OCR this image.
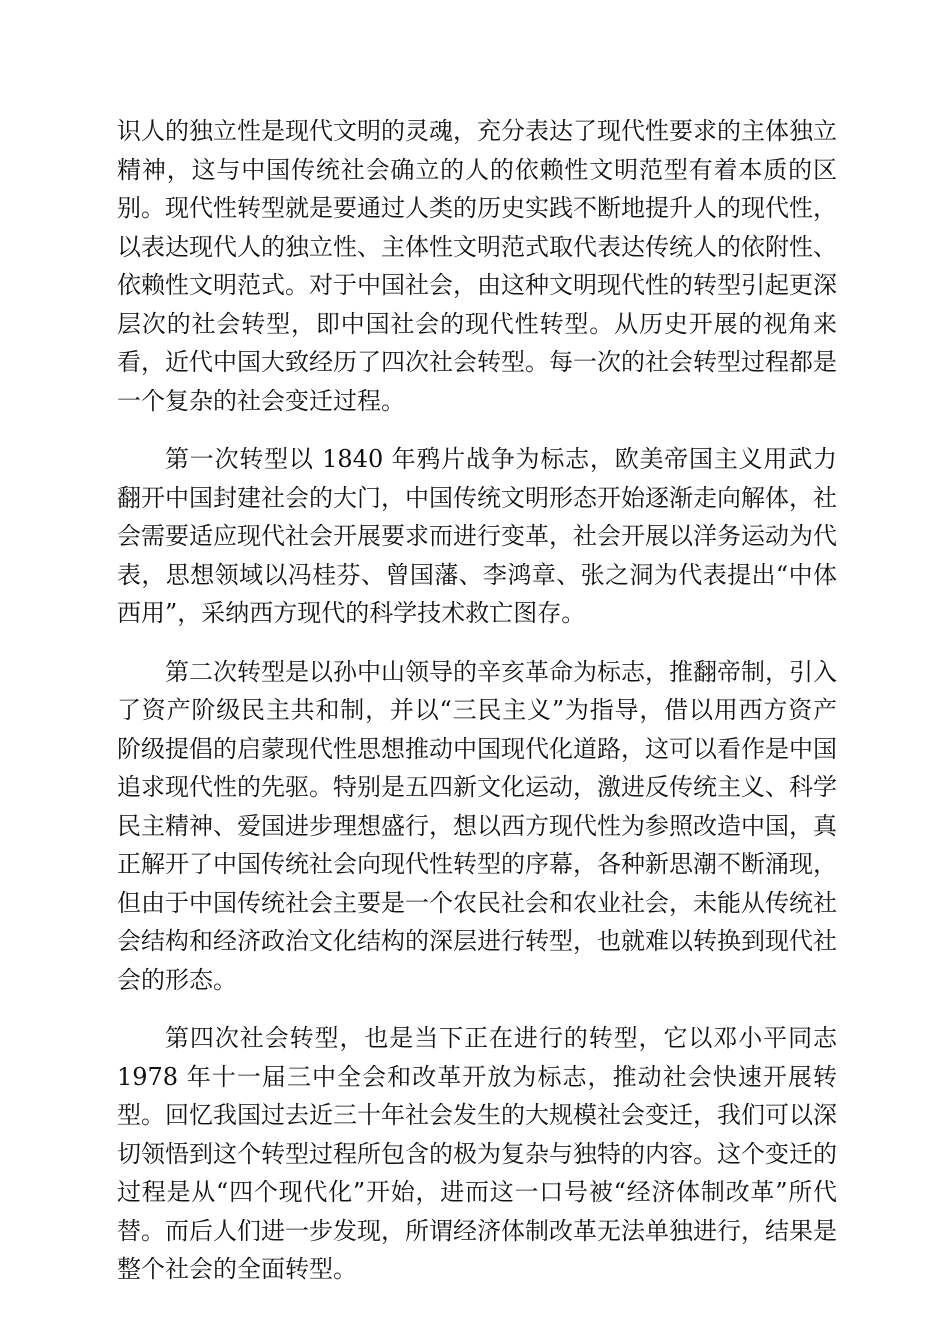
识人的独立性是现代文明的灵魂，充分表达了现代性要求的主体独立精神，这与中国传统社会确立的人的依赖性文明范型有着本质的区别。现代性转型就是要通过人类的历史实践不断地提升人的现代性，以表达现代人的独立性、主体性文明范式取代表达传统人的依附性、依赖性文明范式。对于中国社会，由这种文明现代性的转型引起更深层次的社会转型，即中国社会的现代性转型。从历史开展的视角来看，近代中国大致经历了四次社会转型。每一次的社会转型过程都是一个复杂的社会变迁过程。

第一次转型以 1840 年鸦片战争为标志，欧美帝国主义用武力翻开中国封建社会的大门，中国传统文明形态开始逐渐走向解体，社会需要适应现代社会开展要求而进行变革，社会开展以洋务运动为代表，思想领域以冯桂芬、曾国藩、李鸿章、张之洞为代表提出“中体西用”，采纳西方现代的科学技术救亡图存。

第二次转型是以孙中山领导的辛亥革命为标志，推翻帝制，引入了资产阶级民主共和制，并以“三民主义”为指导，借以用西方资产阶级提倡的启蒙现代性思想推动中国现代化道路，这可以看作是中国追求现代性的先驱。特别是五四新文化运动，激进反传统主义、科学民主精神、爱国进步理想盛行，想以西方现代性为参照改造中国，真正解开了中国传统社会向现代性转型的序幕，各种新思潮不断涌现，但由于中国传统社会主要是一个农民社会和农业社会，未能从传统社会结构和经济政治文化结构的深层进行转型，也就难以转换到现代社会的形态。

第四次社会转型，也是当下正在进行的转型，它以邓小平同志 1978 年十一届三中全会和改革开放为标志，推动社会快速开展转型。回忆我国过去近三十年社会发生的大规模社会变迁，我们可以深切领悟到这个转型过程所包含的极为复杂与独特的内容。这个变迁的过程是从“四个现代化”开始，进而这一口号被“经济体制改革”所代替。而后人们进一步发现，所谓经济体制改革无法单独进行，结果是整个社会的全面转型。
